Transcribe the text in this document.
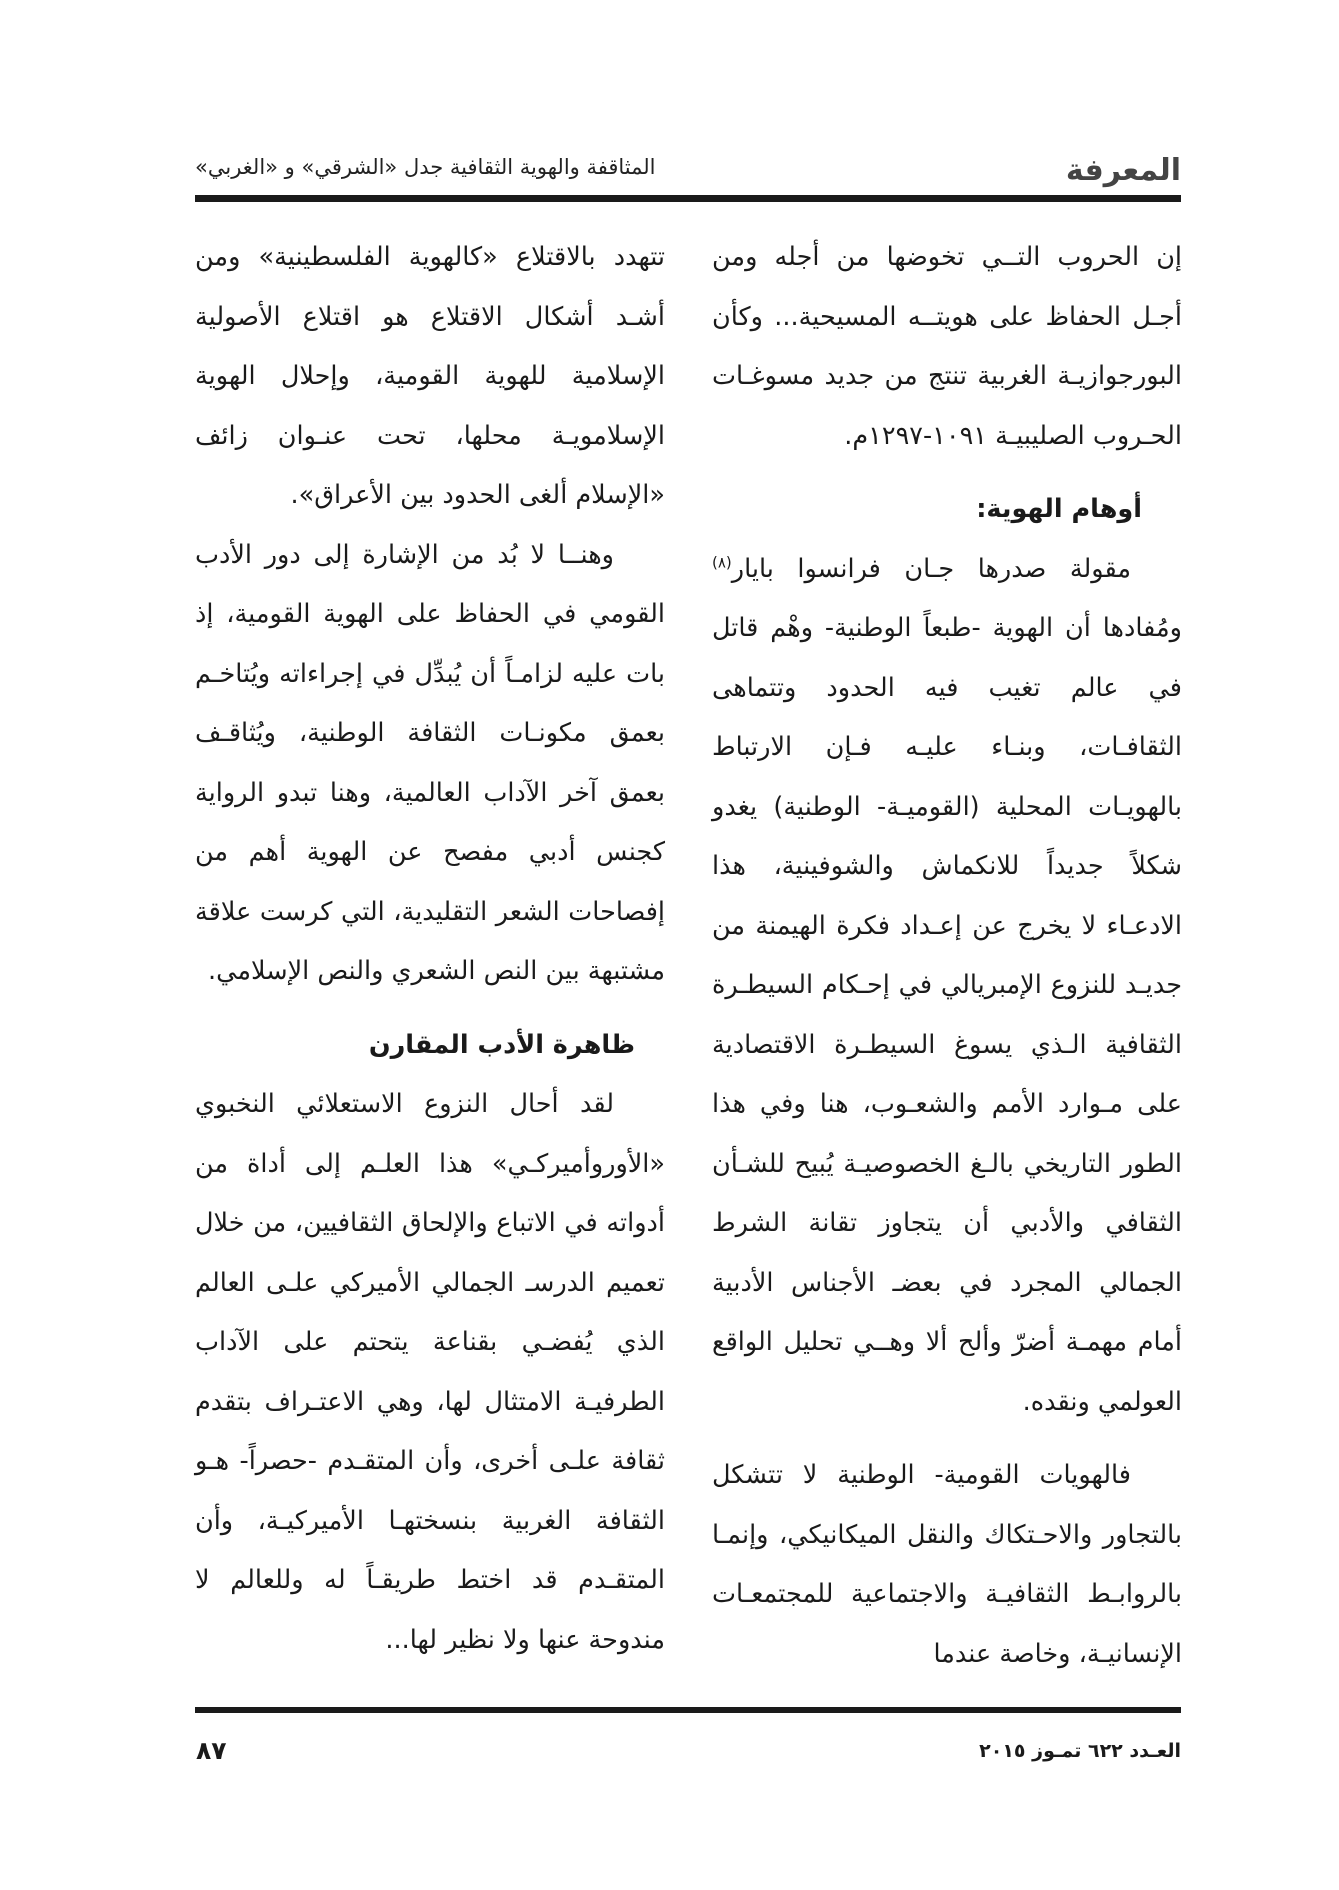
المعرفة
المثاقفة والهوية الثقافية جدل «الشرقي» و «الغربي»

إن الحروب التــي تخوضها من أجله ومن أجـل الحفاظ على هويتــه المسيحية... وكأن البورجوازيـة الغربية تنتج من جديد مسوغـات الحـروب الصليبيـة ١٠٩١-١٢٩٧م.

أوهام الهوية:

مقولة صدرها جـان فرانسوا بايار$^{(٨)}$ ومُفادها أن الهوية -طبعاً الوطنية- وهْم قاتل في عالم تغيب فيه الحدود وتتماهى الثقافـات، وبنـاء عليـه فـإن الارتباط بالهويـات المحلية (القوميـة- الوطنية) يغدو شكلاً جديداً للانكماش والشوفينية، هذا الادعـاء لا يخرج عن إعـداد فكرة الهيمنة من جديـد للنزوع الإمبريالي في إحـكام السيطـرة الثقافية الـذي يسوغ السيطـرة الاقتصادية على مـوارد الأمم والشعـوب، هنا وفي هذا الطور التاريخي بالـغ الخصوصيـة يُبيح للشـأن الثقافي والأدبي أن يتجاوز تقانة الشرط الجمالي المجرد في بعضـ الأجناس الأدبية أمام مهمـة أضرّ وألح ألا وهــي تحليل الواقع العولمي ونقده.

فالهويات القومية- الوطنية لا تتشكل بالتجاور والاحـتكاك والنقل الميكانيكي، وإنمـا بالروابـط الثقافيـة والاجتماعية للمجتمعـات الإنسانيـة، وخاصة عندما

تتهدد بالاقتلاع «كالهوية الفلسطينية» ومن أشـد أشكال الاقتلاع هو اقتلاع الأصولية الإسلامية للهوية القومية، وإحلال الهوية الإسلامويـة محلها، تحت عنـوان زائف «الإسلام ألغى الحدود بين الأعراق».

وهنــا لا بُد من الإشارة إلى دور الأدب القومي في الحفاظ على الهوية القومية، إذ بات عليه لزامـاً أن يُبدِّل في إجراءاته ويُتاخـم بعمق مكونـات الثقافة الوطنية، ويُثاقـف بعمق آخر الآداب العالمية، وهنا تبدو الرواية كجنس أدبي مفصح عن الهوية أهم من إفصاحات الشعر التقليدية، التي كرست علاقة مشتبهة بين النص الشعري والنص الإسلامي.

ظاهرة الأدب المقارن

لقد أحال النزوع الاستعلائي النخبوي «الأوروأميركـي» هذا العلـم إلى أداة من أدواته في الاتباع والإلحاق الثقافيين، من خلال تعميم الدرسـ الجمالي الأميركي علـى العالم الذي يُفضـي بقناعة يتحتم على الآداب الطرفيـة الامتثال لها، وهي الاعتـراف بتقدم ثقافة علـى أخرى، وأن المتقـدم -حصراً- هـو الثقافة الغربية بنسختهـا الأميركيـة، وأن المتقـدم قد اختط طريقـاً له وللعالم لا مندوحة عنها ولا نظير لها...

العـدد ٦٢٢ تمـوز ٢٠١٥
٨٧
